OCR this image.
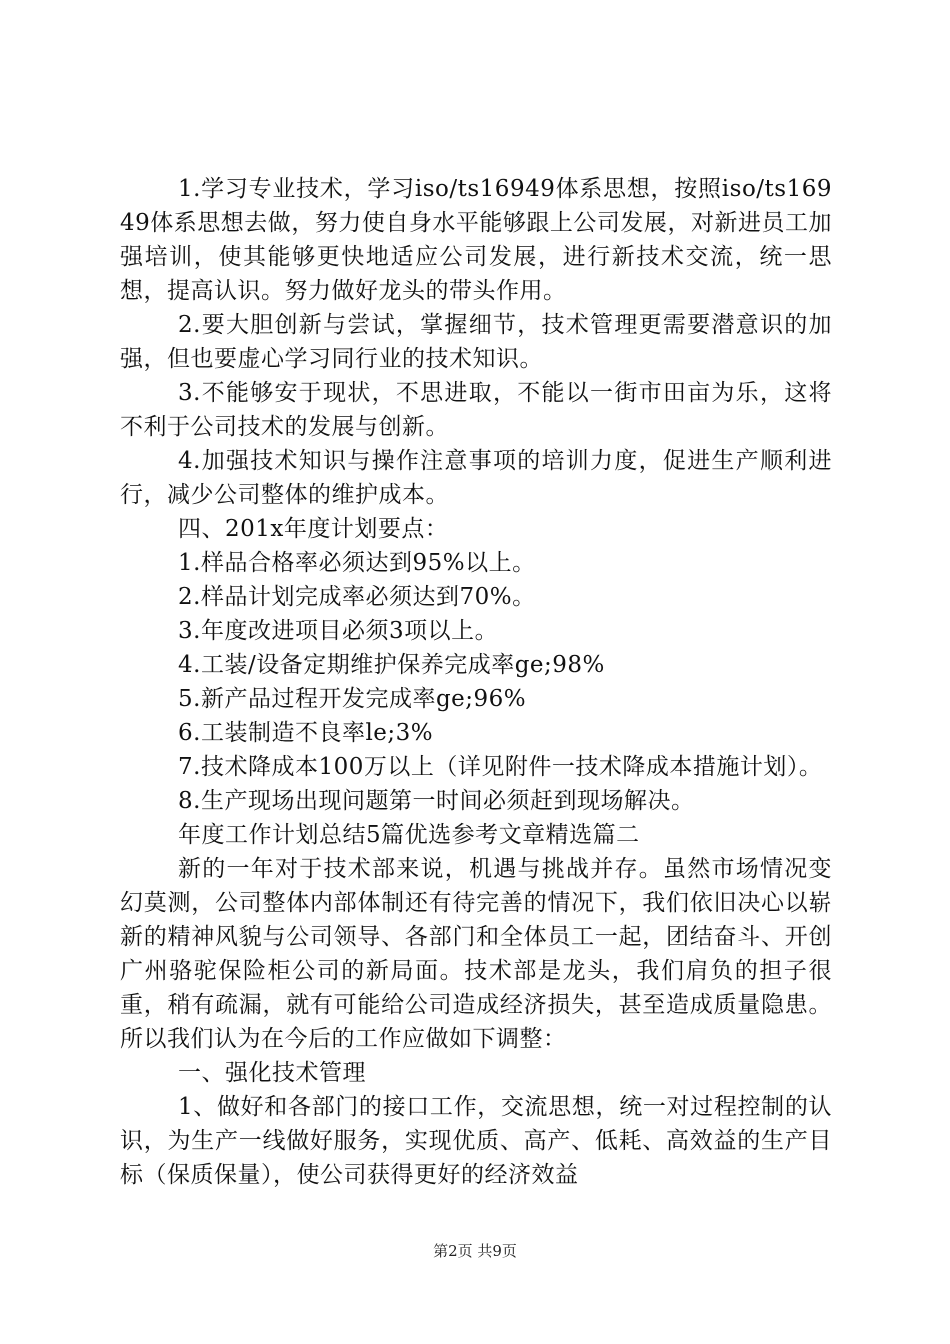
1.学习专业技术，学习iso/ts16949体系思想，按照iso/ts16949体系思想去做，努力使自身水平能够跟上公司发展，对新进员工加强培训，使其能够更快地适应公司发展，进行新技术交流，统一思想，提高认识。努力做好龙头的带头作用。

2.要大胆创新与尝试，掌握细节，技术管理更需要潜意识的加强，但也要虚心学习同行业的技术知识。

3.不能够安于现状，不思进取，不能以一街市田亩为乐，这将不利于公司技术的发展与创新。

4.加强技术知识与操作注意事项的培训力度，促进生产顺利进行，减少公司整体的维护成本。

四、201x年度计划要点：

1.样品合格率必须达到95%以上。

2.样品计划完成率必须达到70%。

3.年度改进项目必须3项以上。

4.工装/设备定期维护保养完成率ge;98%

5.新产品过程开发完成率ge;96%

6.工装制造不良率le;3%

7.技术降成本100万以上（详见附件一技术降成本措施计划）。

8.生产现场出现问题第一时间必须赶到现场解决。

年度工作计划总结5篇优选参考文章精选篇二

新的一年对于技术部来说，机遇与挑战并存。虽然市场情况变幻莫测，公司整体内部体制还有待完善的情况下，我们依旧决心以崭新的精神风貌与公司领导、各部门和全体员工一起，团结奋斗、开创广州骆驼保险柜公司的新局面。技术部是龙头，我们肩负的担子很重，稍有疏漏，就有可能给公司造成经济损失，甚至造成质量隐患。所以我们认为在今后的工作应做如下调整：

一、强化技术管理

1、做好和各部门的接口工作，交流思想，统一对过程控制的认识，为生产一线做好服务，实现优质、高产、低耗、高效益的生产目标（保质保量），使公司获得更好的经济效益

第2页 共9页
